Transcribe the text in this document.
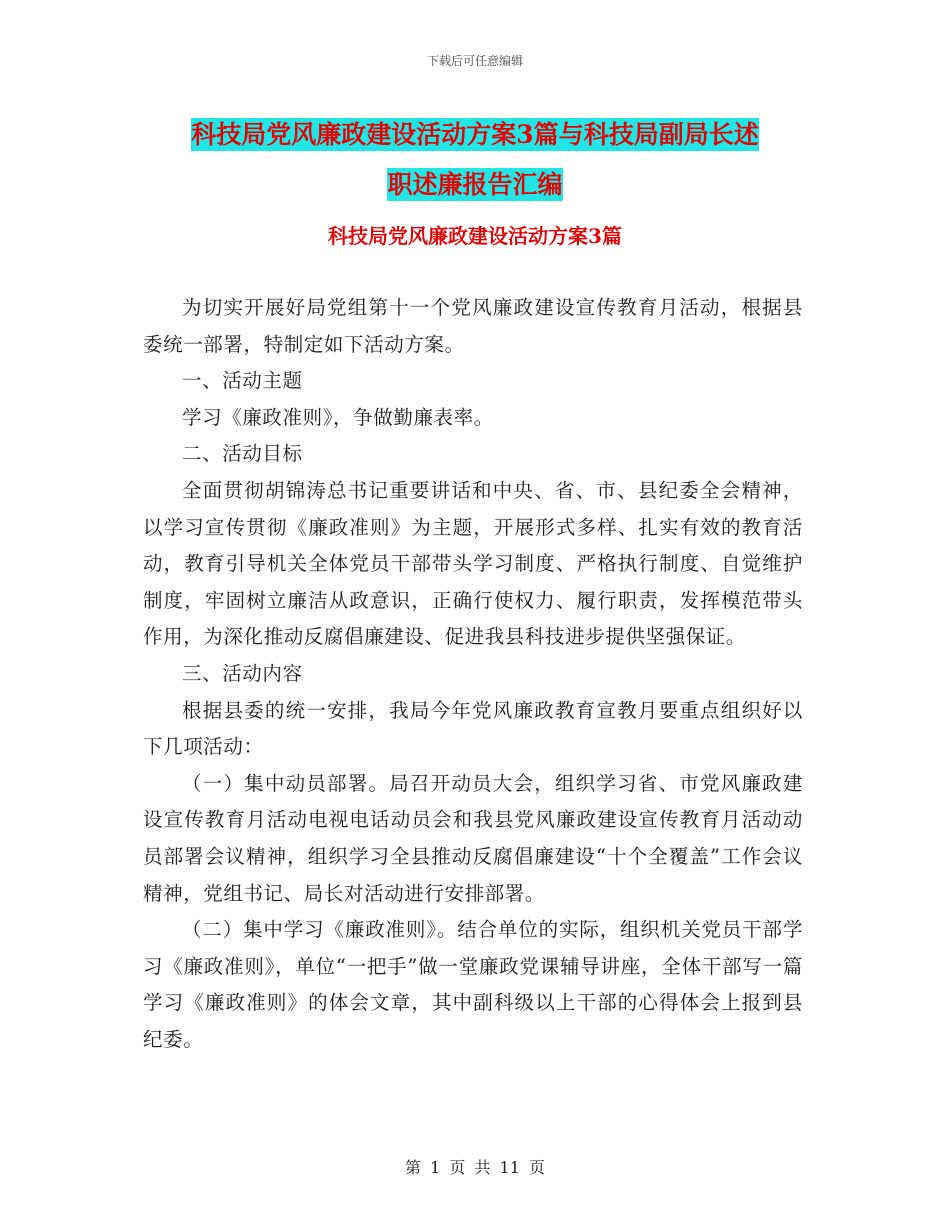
下载后可任意编辑
科技局党风廉政建设活动方案3篇与科技局副局长述
职述廉报告汇编
科技局党风廉政建设活动方案3篇

为切实开展好局党组第十一个党风廉政建设宣传教育月活动，根据县委统一部署，特制定如下活动方案。

一、活动主题

学习《廉政准则》，争做勤廉表率。

二、活动目标

全面贯彻胡锦涛总书记重要讲话和中央、省、市、县纪委全会精神，以学习宣传贯彻《廉政准则》为主题，开展形式多样、扎实有效的教育活动，教育引导机关全体党员干部带头学习制度、严格执行制度、自觉维护制度，牢固树立廉洁从政意识，正确行使权力、履行职责，发挥模范带头作用，为深化推动反腐倡廉建设、促进我县科技进步提供坚强保证。

三、活动内容

根据县委的统一安排，我局今年党风廉政教育宣教月要重点组织好以下几项活动：

（一）集中动员部署。局召开动员大会，组织学习省、市党风廉政建设宣传教育月活动电视电话动员会和我县党风廉政建设宣传教育月活动动员部署会议精神，组织学习全县推动反腐倡廉建设“十个全覆盖”工作会议精神，党组书记、局长对活动进行安排部署。

（二）集中学习《廉政准则》。结合单位的实际，组织机关党员干部学习《廉政准则》，单位“一把手”做一堂廉政党课辅导讲座，全体干部写一篇学习《廉政准则》的体会文章，其中副科级以上干部的心得体会上报到县纪委。

第 1 页 共 11 页
